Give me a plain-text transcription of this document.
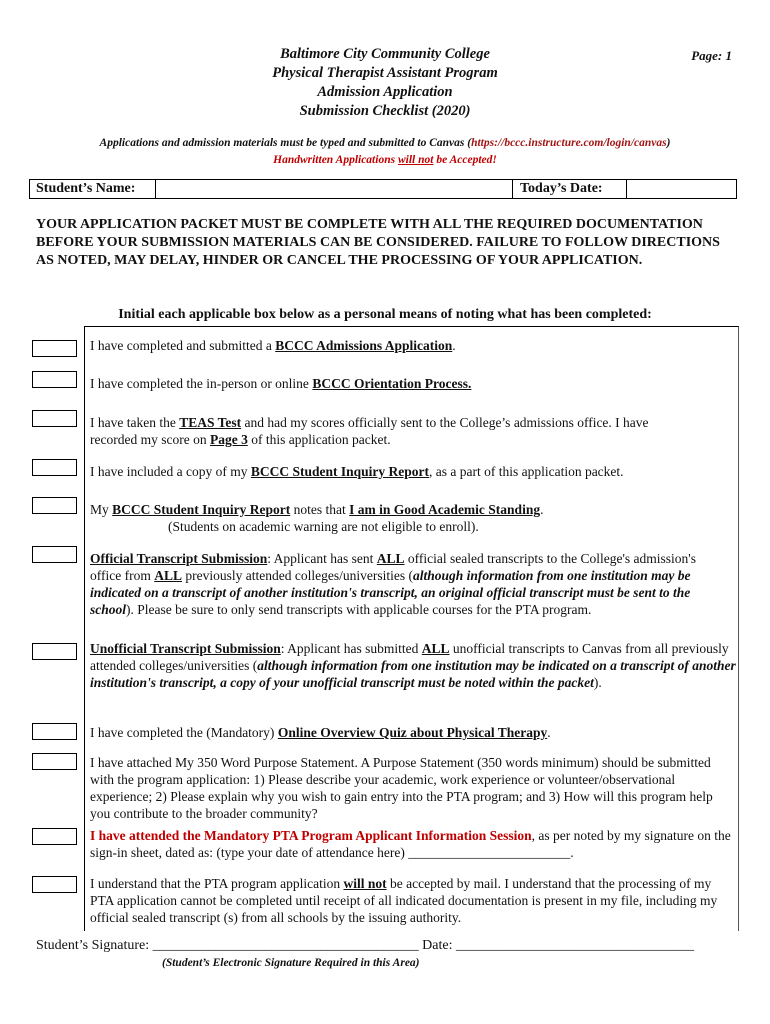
Baltimore City Community College
Physical Therapist Assistant Program
Admission Application
Submission Checklist (2020)
Page: 1
Applications and admission materials must be typed and submitted to Canvas (https://bccc.instructure.com/login/canvas)
Handwritten Applications will not be Accepted!
Student’s Name:	Today’s Date:
YOUR APPLICATION PACKET MUST BE COMPLETE WITH ALL THE REQUIRED DOCUMENTATION BEFORE YOUR SUBMISSION MATERIALS CAN BE CONSIDERED. FAILURE TO FOLLOW DIRECTIONS AS NOTED, MAY DELAY, HINDER OR CANCEL THE PROCESSING OF YOUR APPLICATION.
Initial each applicable box below as a personal means of noting what has been completed:
I have completed and submitted a BCCC Admissions Application.
I have completed the in-person or online BCCC Orientation Process.
I have taken the TEAS Test and had my scores officially sent to the College’s admissions office. I have
recorded my score on Page 3 of this application packet.
I have included a copy of my BCCC Student Inquiry Report, as a part of this application packet.
My BCCC Student Inquiry Report notes that I am in Good Academic Standing.
(Students on academic warning are not eligible to enroll).
Official Transcript Submission: Applicant has sent ALL official sealed transcripts to the College's admission's office from ALL previously attended colleges/universities (although information from one institution may be indicated on a transcript of another institution's transcript, an original official transcript must be sent to the school). Please be sure to only send transcripts with applicable courses for the PTA program.
Unofficial Transcript Submission: Applicant has submitted ALL unofficial transcripts to Canvas from all previously attended colleges/universities (although information from one institution may be indicated on a transcript of another institution's transcript, a copy of your unofficial transcript must be noted within the packet).
I have completed the (Mandatory) Online Overview Quiz about Physical Therapy.
I have attached My 350 Word Purpose Statement. A Purpose Statement (350 words minimum) should be submitted with the program application: 1) Please describe your academic, work experience or volunteer/observational experience; 2) Please explain why you wish to gain entry into the PTA program; and 3) How will this program help you contribute to the broader community?
I have attended the Mandatory PTA Program Applicant Information Session, as per noted by my signature on the sign-in sheet, dated as: (type your date of attendance here) ________________________.
I understand that the PTA program application will not be accepted by mail. I understand that the processing of my PTA application cannot be completed until receipt of all indicated documentation is present in my file, including my official sealed transcript (s) from all schools by the issuing authority.
Student’s Signature: ______________________________________ Date: __________________________________
(Student’s Electronic Signature Required in this Area)
